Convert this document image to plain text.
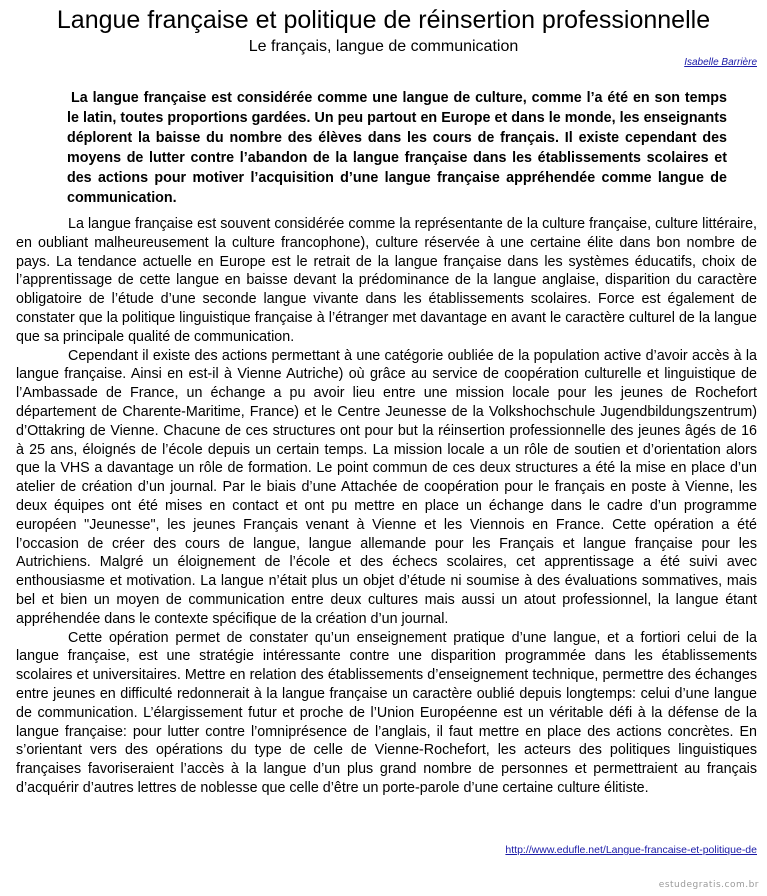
Langue française et politique de réinsertion professionnelle
Le français, langue de communication
Isabelle Barrière

La langue française est considérée comme une langue de culture, comme l’a été en son temps le latin, toutes proportions gardées. Un peu partout en Europe et dans le monde, les enseignants déplorent la baisse du nombre des élèves dans les cours de français. Il existe cependant des moyens de lutter contre l’abandon de la langue française dans les établissements scolaires et des actions pour motiver l’acquisition d’une langue française appréhendée comme langue de communication.

La langue française est souvent considérée comme la représentante de la culture française, culture littéraire, en oubliant malheureusement la culture francophone), culture réservée à une certaine élite dans bon nombre de pays. La tendance actuelle en Europe est le retrait de la langue française dans les systèmes éducatifs, choix de l’apprentissage de cette langue en baisse devant la prédominance de la langue anglaise, disparition du caractère obligatoire de l’étude d’une seconde langue vivante dans les établissements scolaires. Force est également de constater que la politique linguistique française à l’étranger met davantage en avant le caractère culturel de la langue que sa principale qualité de communication.

Cependant il existe des actions permettant à une catégorie oubliée de la population active d’avoir accès à la langue française. Ainsi en est-il à Vienne Autriche) où grâce au service de coopération culturelle et linguistique de l’Ambassade de France, un échange a pu avoir lieu entre une mission locale pour les jeunes de Rochefort département de Charente-Maritime, France) et le Centre Jeunesse de la Volkshochschule Jugendbildungszentrum) d’Ottakring de Vienne. Chacune de ces structures ont pour but la réinsertion professionnelle des jeunes âgés de 16 à 25 ans, éloignés de l’école depuis un certain temps. La mission locale a un rôle de soutien et d’orientation alors que la VHS a davantage un rôle de formation. Le point commun de ces deux structures a été la mise en place d’un atelier de création d’un journal. Par le biais d’une Attachée de coopération pour le français en poste à Vienne, les deux équipes ont été mises en contact et ont pu mettre en place un échange dans le cadre d’un programme européen "Jeunesse", les jeunes Français venant à Vienne et les Viennois en France. Cette opération a été l’occasion de créer des cours de langue, langue allemande pour les Français et langue française pour les Autrichiens. Malgré un éloignement de l’école et des échecs scolaires, cet apprentissage a été suivi avec enthousiasme et motivation. La langue n’était plus un objet d’étude ni soumise à des évaluations sommatives, mais bel et bien un moyen de communication entre deux cultures mais aussi un atout professionnel, la langue étant appréhendée dans le contexte spécifique de la création d’un journal.

Cette opération permet de constater qu’un enseignement pratique d’une langue, et a fortiori celui de la langue française, est une stratégie intéressante contre une disparition programmée dans les établissements scolaires et universitaires. Mettre en relation des établissements d’enseignement technique, permettre des échanges entre jeunes en difficulté redonnerait à la langue française un caractère oublié depuis longtemps: celui d’une langue de communication. L’élargissement futur et proche de l’Union Européenne est un véritable défi à la défense de la langue française: pour lutter contre l’omniprésence de l’anglais, il faut mettre en place des actions concrètes. En s’orientant vers des opérations du type de celle de Vienne-Rochefort, les acteurs des politiques linguistiques françaises favoriseraient l’accès à la langue d’un plus grand nombre de personnes et permettraient au français d’acquérir d’autres lettres de noblesse que celle d’être un porte-parole d’une certaine culture élitiste.

http://www.edufle.net/Langue-francaise-et-politique-de
estudegratis.com.br
